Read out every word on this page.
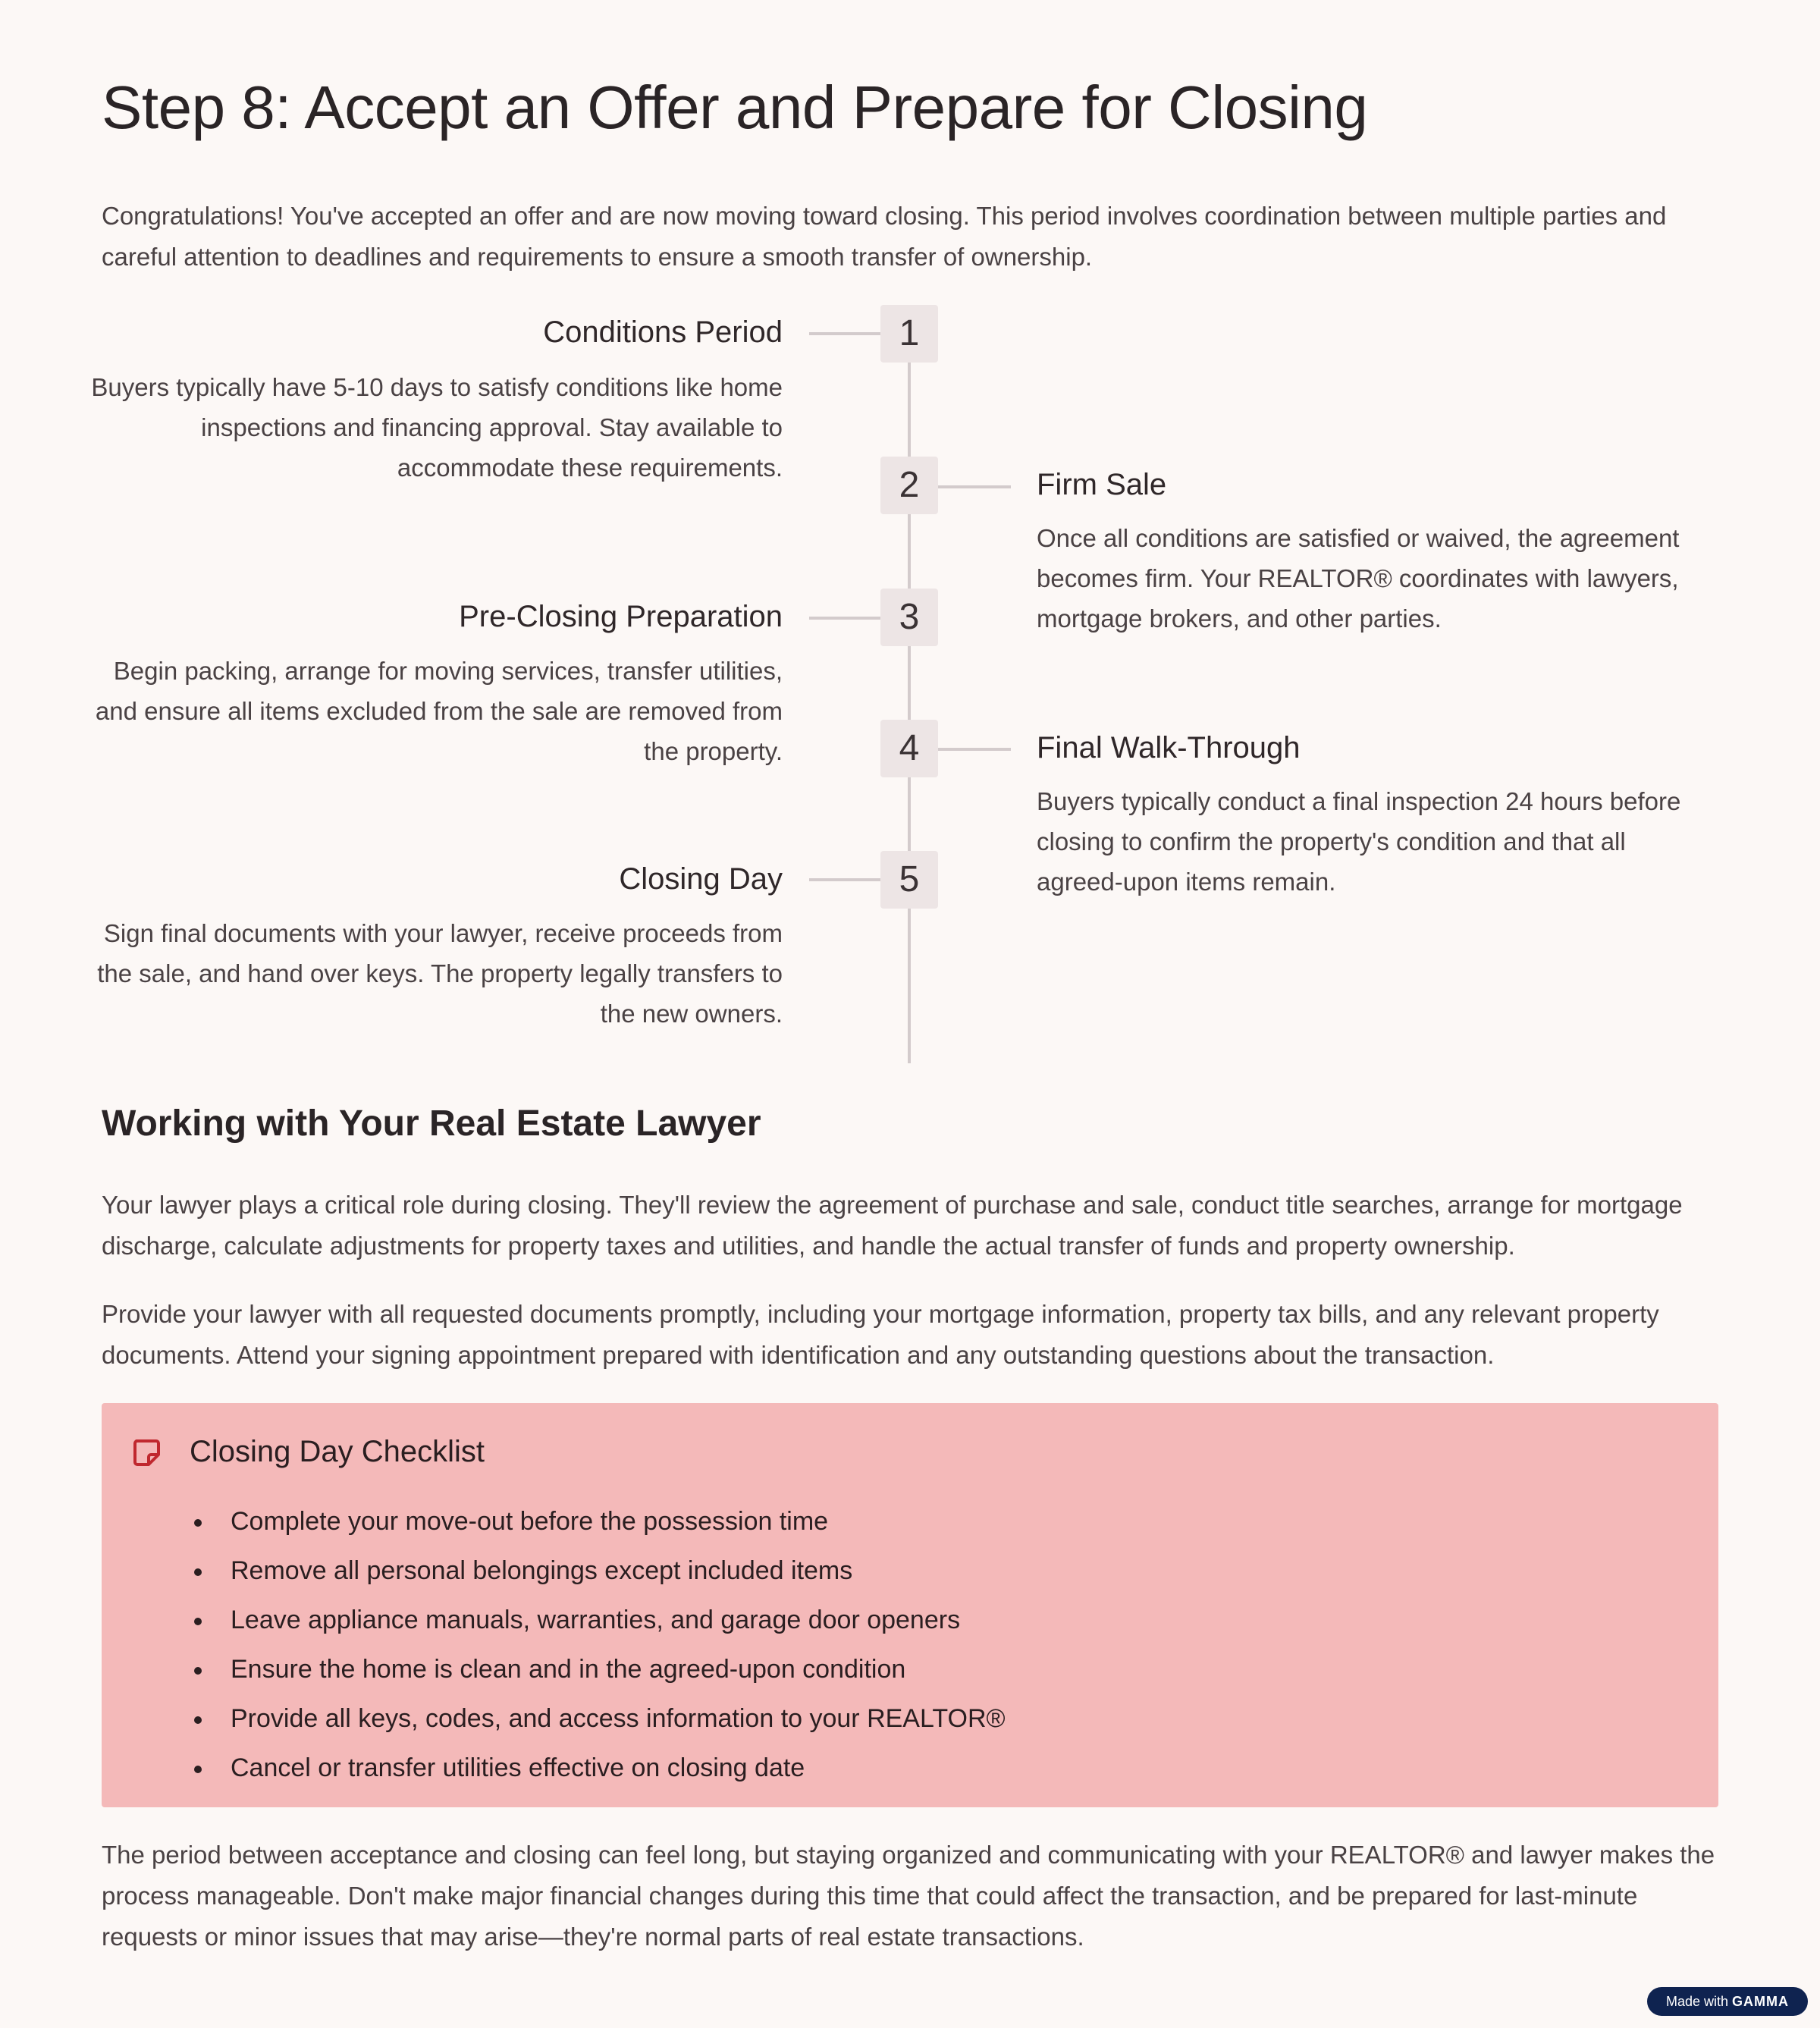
Step 8: Accept an Offer and Prepare for Closing

Congratulations! You've accepted an offer and are now moving toward closing. This period involves coordination between multiple parties and careful attention to deadlines and requirements to ensure a smooth transfer of ownership.

1
Conditions Period
Buyers typically have 5-10 days to satisfy conditions like home inspections and financing approval. Stay available to accommodate these requirements.	2	Firm Sale
Once all conditions are satisfied or waived, the agreement becomes firm. Your REALTOR® coordinates with lawyers, mortgage brokers, and other parties.
3
Pre-Closing Preparation
Begin packing, arrange for moving services, transfer utilities, and ensure all items excluded from the sale are removed from the property.	4	Final Walk-Through
Buyers typically conduct a final inspection 24 hours before closing to confirm the property's condition and that all agreed-upon items remain.
5
Closing Day
Sign final documents with your lawyer, receive proceeds from the sale, and hand over keys. The property legally transfers to the new owners.
Working with Your Real Estate Lawyer

Your lawyer plays a critical role during closing. They'll review the agreement of purchase and sale, conduct title searches, arrange for mortgage discharge, calculate adjustments for property taxes and utilities, and handle the actual transfer of funds and property ownership.

Provide your lawyer with all requested documents promptly, including your mortgage information, property tax bills, and any relevant property documents. Attend your signing appointment prepared with identification and any outstanding questions about the transaction.

Closing Day Checklist
Complete your move-out before the possession time
Remove all personal belongings except included items
Leave appliance manuals, warranties, and garage door openers
Ensure the home is clean and in the agreed-upon condition
Provide all keys, codes, and access information to your REALTOR®
Cancel or transfer utilities effective on closing date

The period between acceptance and closing can feel long, but staying organized and communicating with your REALTOR® and lawyer makes the process manageable. Don't make major financial changes during this time that could affect the transaction, and be prepared for last-minute requests or minor issues that may arise—they're normal parts of real estate transactions.

Made with GAMMA
